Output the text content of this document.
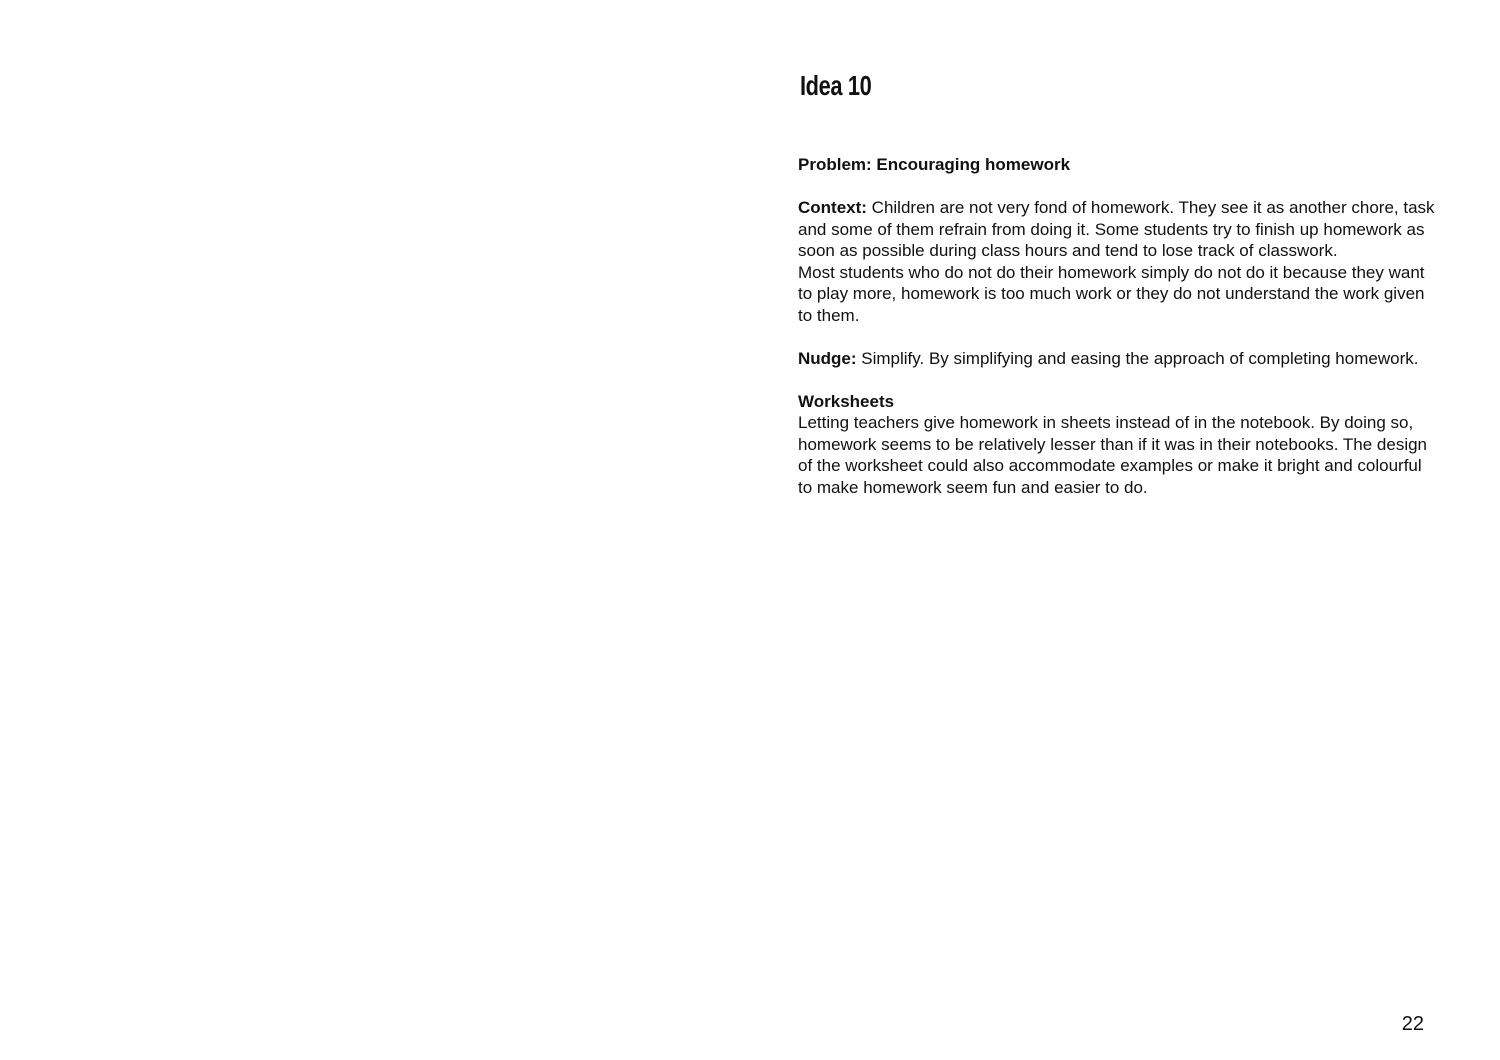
Idea 10

Problem: Encouraging homework

Context: Children are not very fond of homework. They see it as another chore, task and some of them refrain from doing it. Some students try to finish up homework as soon as possible during class hours and tend to lose track of classwork.

Most students who do not do their homework simply do not do it because they want to play more, homework is too much work or they do not understand the work given to them.

Nudge: Simplify. By simplifying and easing the approach of completing homework.

Worksheets

Letting teachers give homework in sheets instead of in the notebook. By doing so, homework seems to be relatively lesser than if it was in their notebooks. The design of the worksheet could also accommodate examples or make it bright and colourful to make homework seem fun and easier to do.

22
